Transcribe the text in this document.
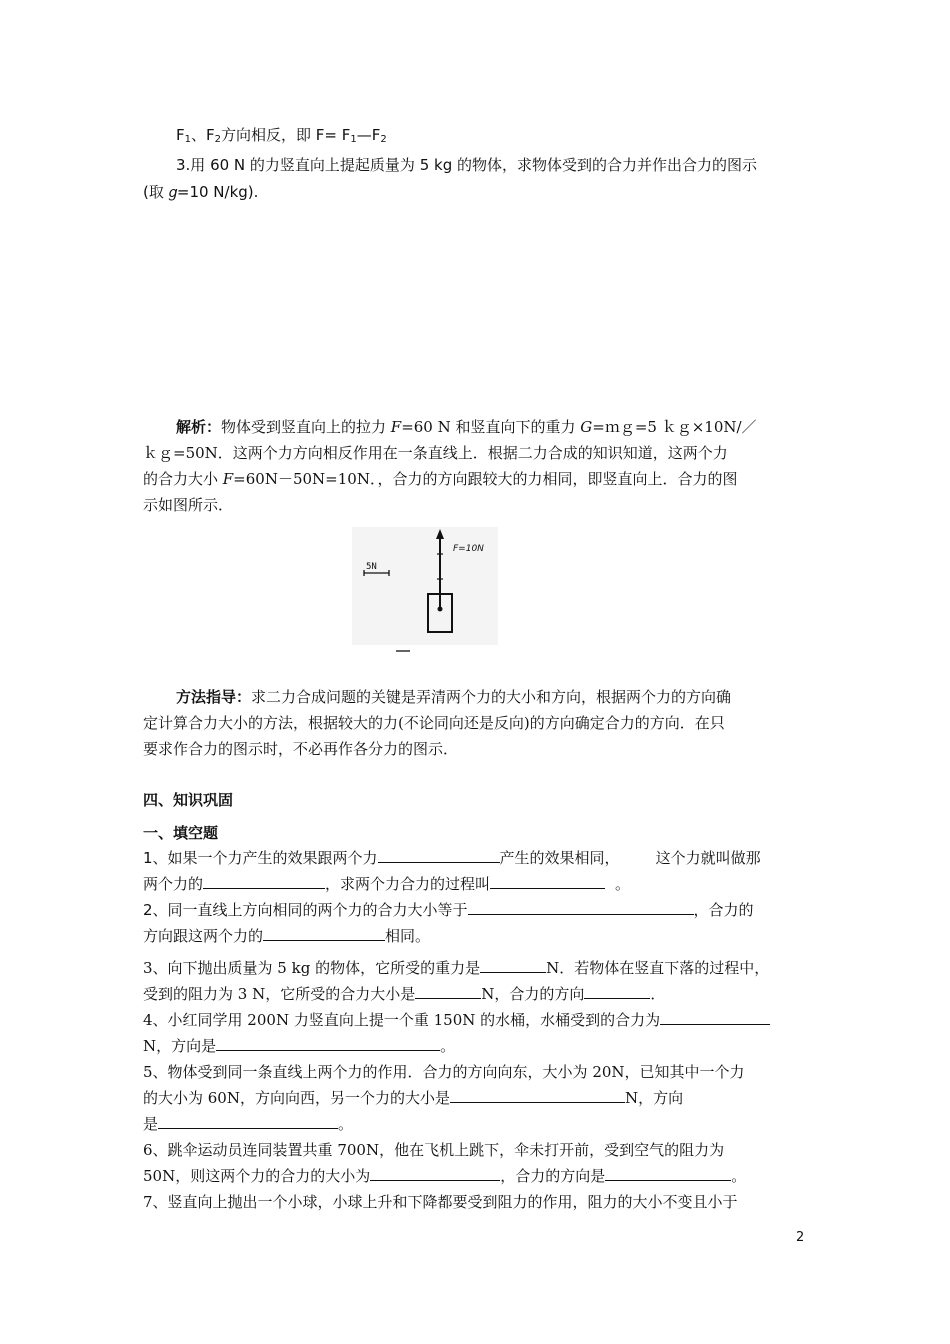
$F_1$、$F_2$方向相反，即 $F= F_1—F_2$
3.用 60 N 的力竖直向上提起质量为 5 kg 的物体，求物体受到的合力并作出合力的图示
(取 𝑔=10 N/kg).
解析：物体受到竖直向上的拉力 𝐹=60 N 和竖直向下的重力 𝐺=ｍｇ=5 ｋｇ×10N/／
ｋｇ=50N．这两个力方向相反作用在一条直线上．根据二力合成的知识知道，这两个力
的合力大小 𝐹=60N－50N=10N．，合力的方向跟较大的力相同，即竖直向上．合力的图
示如图所示．
5N
F=10N
方法指导：求二力合成问题的关键是弄清两个力的大小和方向，根据两个力的方向确
定计算合力大小的方法，根据较大的力(不论同向还是反向)的方向确定合力的方向．在只
要求作合力的图示时，不必再作各分力的图示．
四、知识巩固
一、填空题
1、如果一个力产生的效果跟两个力	产生的效果相同， 这个力就叫做那
两个力的	，求两个力合力的过程叫	。
2、同一直线上方向相同的两个力的合力大小等于	，合力的
方向跟这两个力的	相同。
3、向下抛出质量为 5 kg 的物体，它所受的重力是	N．若物体在竖直下落的过程中，
受到的阻力为 3 N，它所受的合力大小是	N，合力的方向	．
4、小红同学用 200N 力竖直向上提一个重 150N 的水桶，水桶受到的合力为
N，方向是	。
5、物体受到同一条直线上两个力的作用．合力的方向向东，大小为 20N，已知其中一个力
的大小为 60N，方向向西，另一个力的大小是	N，方向
是	。
6、跳伞运动员连同装置共重 700N，他在飞机上跳下，伞未打开前，受到空气的阻力为
50N，则这两个力的合力的大小为	，合力的方向是	。
7、竖直向上抛出一个小球，小球上升和下降都要受到阻力的作用，阻力的大小不变且小于
2
